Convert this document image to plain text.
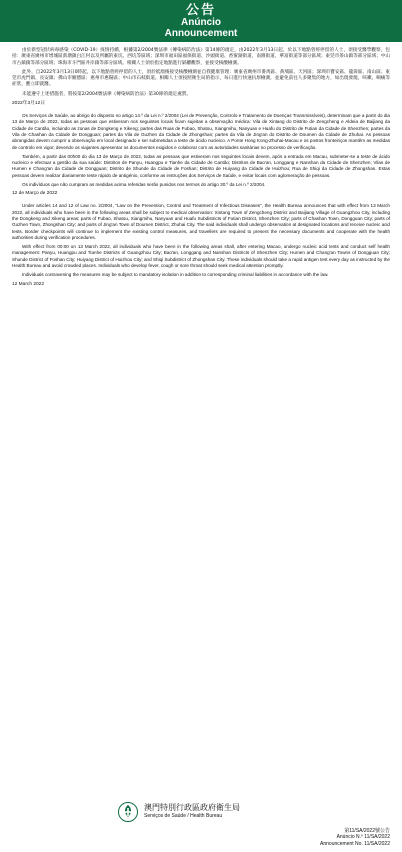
公告
Anúncio
Announcement

由於新型冠狀病毒感染（COVID-19）疫情持續，根據第2/2004號法律《傳染病防治法》第14條的規定，由2022年3月13日起，於以下地點曾經停留的人士，須接受醫學觀察，包括：廣東省廣州市增城區新塘鎮白江村以及所屬的東坑、西坑等區域；深圳市福田區福保街道、沙頭街道、香蜜湖街道、南園街道、華富街道等部分區域；東莞市茶山鎮等部分區域；中山市古鎮鎮等部分區域；珠海市斗門區井岸鎮等部分區域。相關人士須於指定地點進行隔離觀察，並接受核酸檢測。

此外，自2022年3月13日0時起，以下地點曾經停留的人士，須於抵澳後接受核酸檢測並自我健康管理：廣東省廣州市番禺區、黃埔區、天河區；深圳市寶安區、龍崗區、南山區；東莞市虎門鎮、長安鎮；佛山市順德區；惠州市惠陽區；中山市石岐街道。相關人士須按照衛生局的指示，每日進行快速抗原檢測，並避免前往人多聚集的地方，如出現發燒、咳嗽、咽痛等症狀，應立即就醫。

未能遵守上述措施者，將按第2/2004號法律《傳染病防治法》第30條的規定處罰。

2022年3月12日

Os Serviços de Saúde, ao abrigo do disposto no artigo 14.º da Lei n.º 2/2004 (Lei de Prevenção, Controlo e Tratamento de Doenças Transmissíveis), determinam que a partir do dia 13 de Março de 2022, todas as pessoas que estiveram nos seguintes locais ficam sujeitas a observação médica: Vila de Xintang do Distrito de Zengcheng e Aldeia de Baijiang da Cidade de Cantão, incluindo as zonas de Dongkeng e Xikeng; partes das Ruas de Fubao, Shatou, Xiangmihu, Nanyuan e Huafu do Distrito de Futian da Cidade de Shenzhen; partes da Vila de Chashan da Cidade de Dongguan; partes da Vila de Guzhen da Cidade de Zhongshan; partes da Vila de Jing'an do Distrito de Doumen da Cidade de Zhuhai. As pessoas abrangidas devem cumprir a observação em local designado e ser submetidas a teste de ácido nucleico. A Ponte Hong Kong-Zhuhai-Macau e os postos fronteiriços mantêm as medidas de controlo em vigor, devendo os viajantes apresentar os documentos exigidos e colaborar com as autoridades sanitárias no processo de verificação.

Também, a partir das 00h00 do dia 13 de Março de 2022, todas as pessoas que estiveram nos seguintes locais devem, após a entrada em Macau, submeter-se a teste de ácido nucleico e efectuar a gestão da sua saúde: Distritos de Panyu, Huangpu e Tianhe da Cidade de Cantão; Distritos de Bao'an, Longgang e Nanshan da Cidade de Shenzhen; Vilas de Humen e Chang'an da Cidade de Dongguan; Distrito de Shunde da Cidade de Foshan; Distrito de Huiyang da Cidade de Huizhou; Rua de Shiqi da Cidade de Zhongshan. Estas pessoas devem realizar diariamente teste rápido de antigénio, conforme as instruções dos Serviços de Saúde, e evitar locais com aglomeração de pessoas.

Os indivíduos que não cumpram as medidas acima referidas serão punidos nos termos do artigo 30.º da Lei n.º 2/2004.

12 de Março de 2022

Under articles 14 and 12 of Law no. 2/2004, "Law on the Prevention, Control and Treatment of Infectious Diseases", the Health Bureau announces that with effect from 13 March 2022, all individuals who have been in the following areas shall be subject to medical observation: Xintang Town of Zengcheng District and Baijiang Village of Guangzhou City, including the Dongkeng and Xikeng areas; parts of Fubao, Shatou, Xiangmihu, Nanyuan and Huafu Subdistricts of Futian District, Shenzhen City; parts of Chashan Town, Dongguan City; parts of Guzhen Town, Zhongshan City; and parts of Jing'an Town of Doumen District, Zhuhai City. The said individuals shall undergo observation at designated locations and receive nucleic acid tests. Border checkpoints will continue to implement the existing control measures, and travellers are required to present the necessary documents and cooperate with the health authorities during verification procedures.

With effect from 00:00 on 13 March 2022, all individuals who have been in the following areas shall, after entering Macao, undergo nucleic acid tests and conduct self health management: Panyu, Huangpu and Tianhe Districts of Guangzhou City; Bao'an, Longgang and Nanshan Districts of Shenzhen City; Humen and Chang'an Towns of Dongguan City; Shunde District of Foshan City; Huiyang District of Huizhou City; and Shiqi Subdistrict of Zhongshan City. These individuals should take a rapid antigen test every day as instructed by the Health Bureau and avoid crowded places. Individuals who develop fever, cough or sore throat should seek medical attention promptly.

Individuals contravening the measures may be subject to mandatory isolation in addition to corresponding criminal liabilities in accordance with the law.

12 March 2022
澳門特別行政區政府衛生局
Serviços de Saúde / Health Bureau
第11/SA/2022號公告
Anúncio N.º 11/SA/2022
Announcement No. 11/SA/2022
